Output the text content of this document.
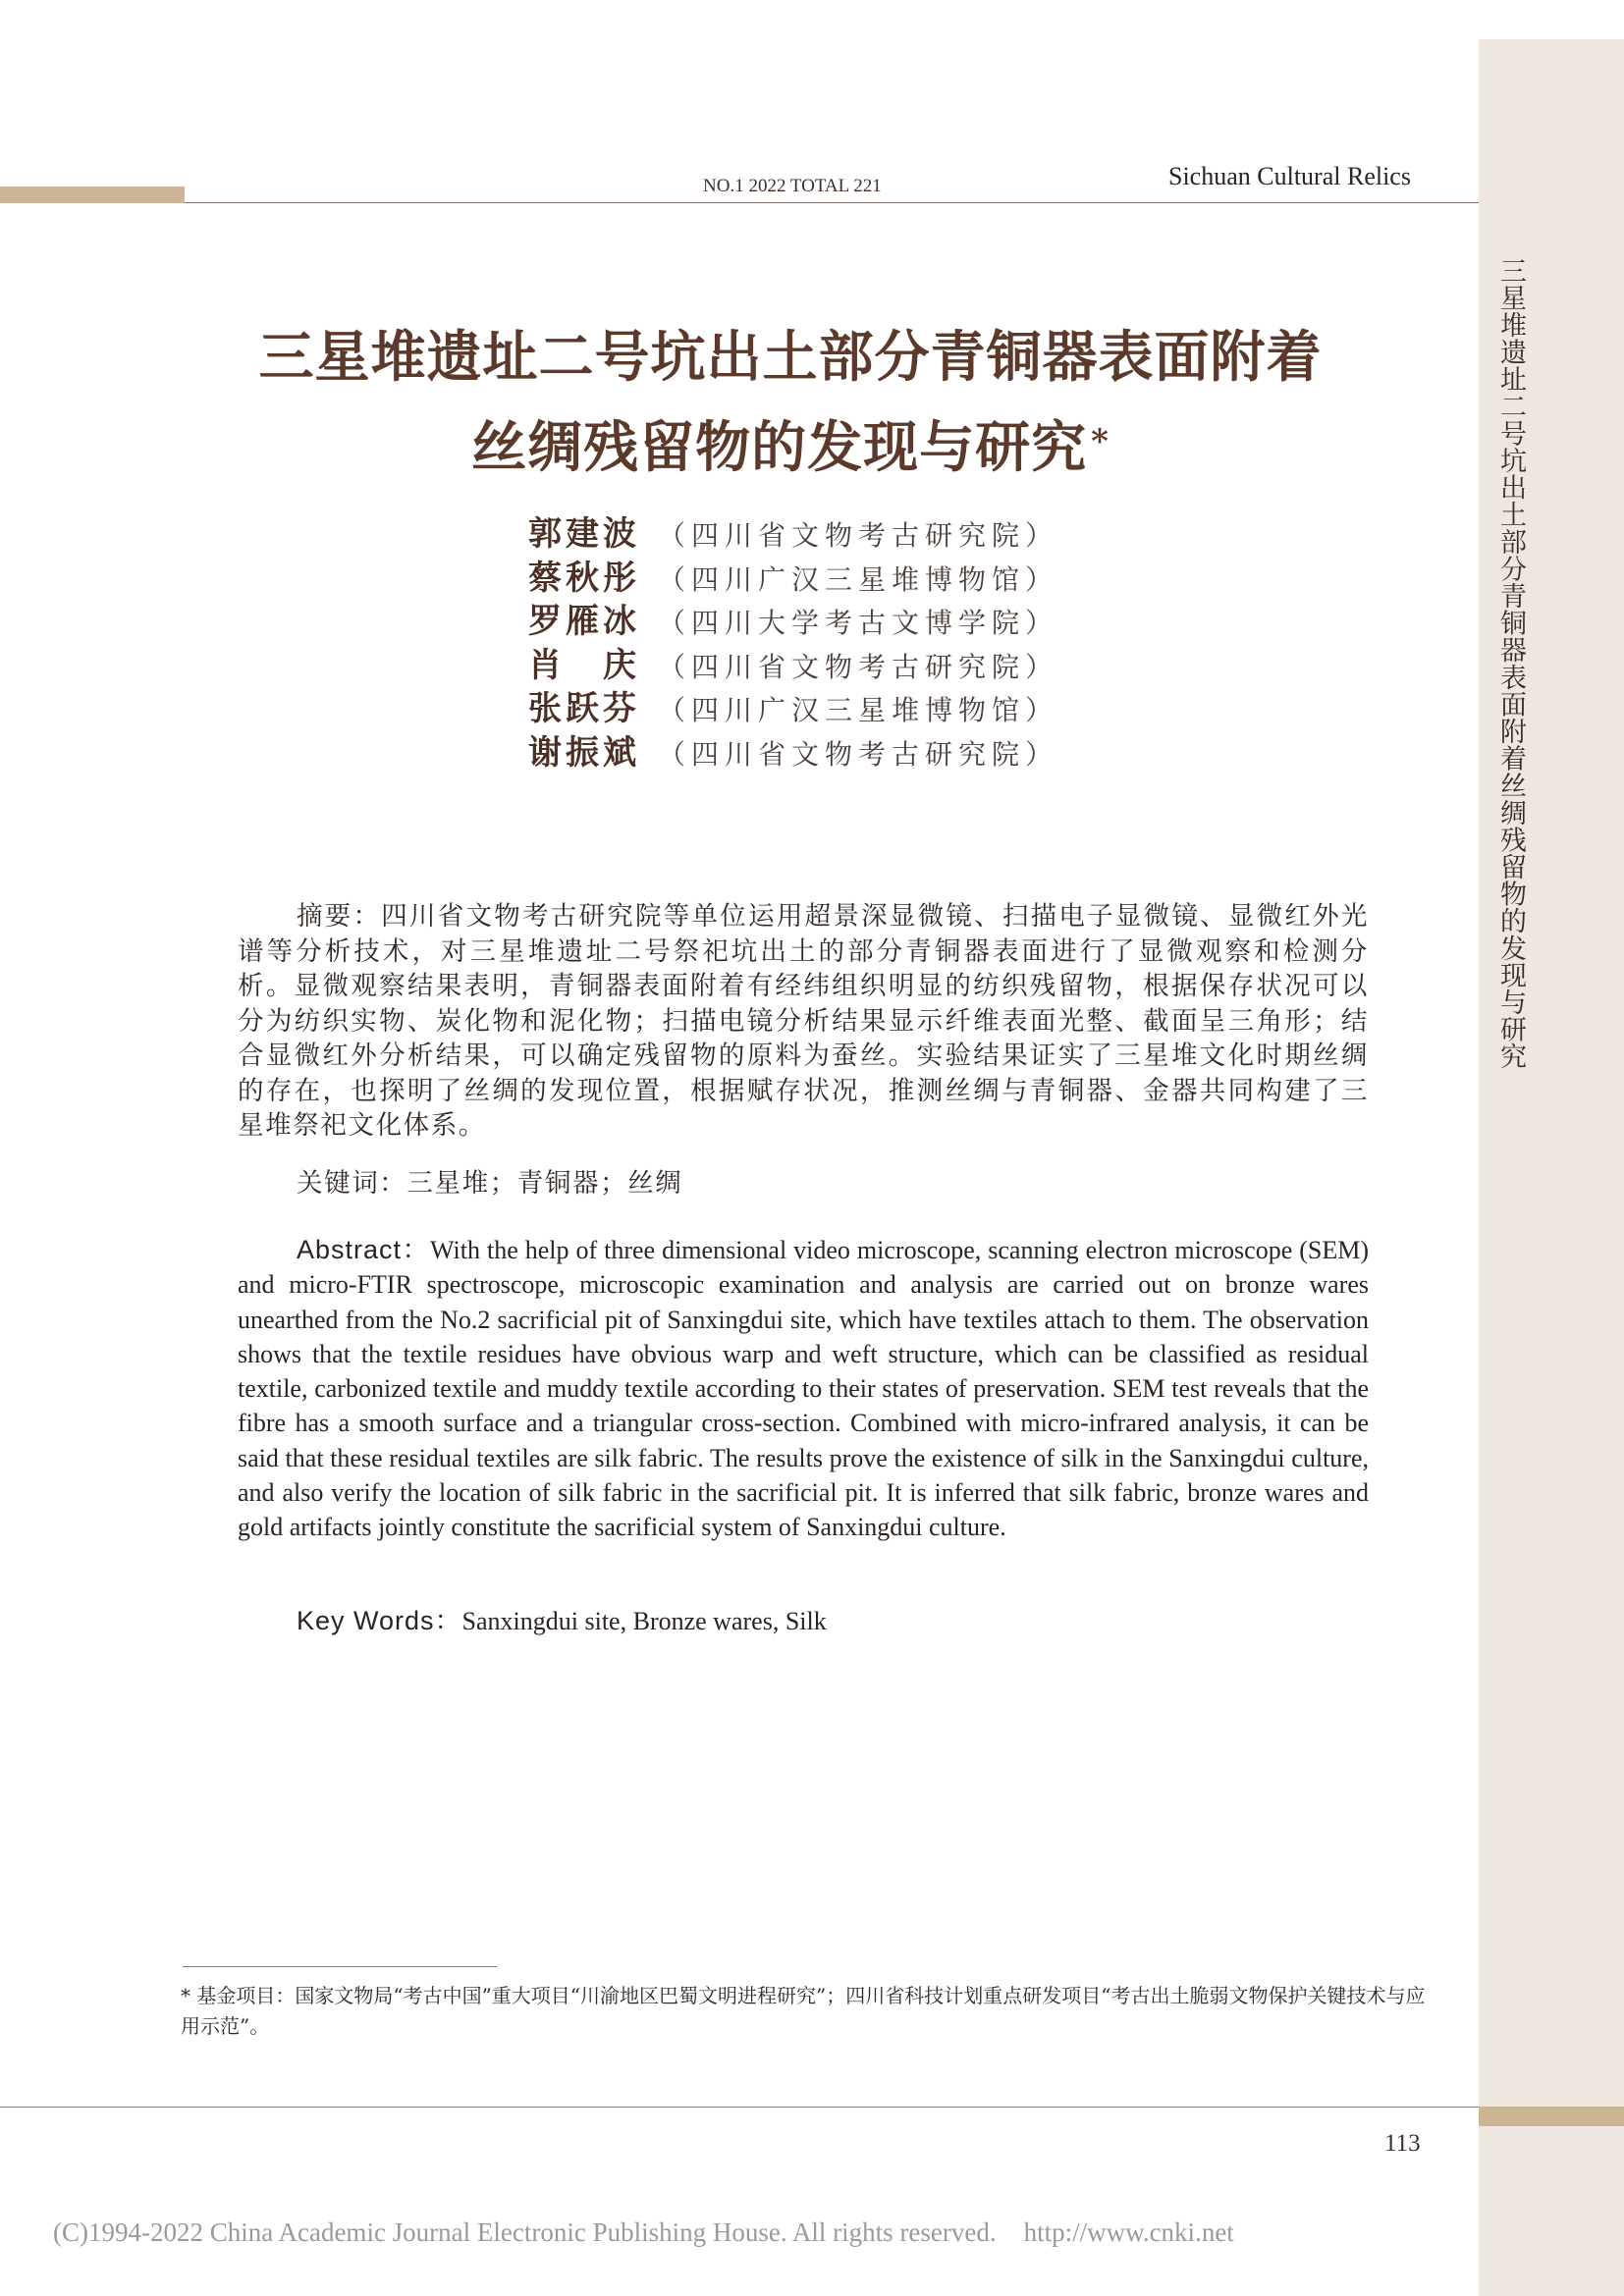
三星堆遗址二号坑出土部分青铜器表面附着丝绸残留物的发现与研究
NO.1 2022 TOTAL 221	Sichuan Cultural Relics
三星堆遗址二号坑出土部分青铜器表面附着
丝绸残留物的发现与研究 *
郭建波 （四川省文物考古研究院）
蔡秋彤 （四川广汉三星堆博物馆）
罗雁冰 （四川大学考古文博学院）
肖　庆 （四川省文物考古研究院）
张跃芬 （四川广汉三星堆博物馆）
谢振斌 （四川省文物考古研究院）

摘要：四川省文物考古研究院等单位运用超景深显微镜、扫描电子显微镜、显微红外光谱等分析技术，对三星堆遗址二号祭祀坑出土的部分青铜器表面进行了显微观察和检测分析。显微观察结果表明，青铜器表面附着有经纬组织明显的纺织残留物，根据保存状况可以分为纺织实物、炭化物和泥化物；扫描电镜分析结果显示纤维表面光整、截面呈三角形；结合显微红外分析结果，可以确定残留物的原料为蚕丝。实验结果证实了三星堆文化时期丝绸的存在，也探明了丝绸的发现位置，根据赋存状况，推测丝绸与青铜器、金器共同构建了三星堆祭祀文化体系。

关键词：三星堆；青铜器；丝绸

Abstract：With the help of three dimensional video microscope, scanning electron microscope (SEM) and micro-FTIR spectroscope, microscopic examination and analysis are carried out on bronze wares unearthed from the No.2 sacrificial pit of Sanxingdui site, which have textiles attach to them. The observation shows that the textile residues have obvious warp and weft structure, which can be classified as residual textile, carbonized textile and muddy textile according to their states of preservation. SEM test reveals that the fibre has a smooth surface and a triangular cross-section. Combined with micro-infrared analysis, it can be said that these residual textiles are silk fabric. The results prove the existence of silk in the Sanxingdui culture, and also verify the location of silk fabric in the sacrificial pit. It is inferred that silk fabric, bronze wares and gold artifacts jointly constitute the sacrificial system of Sanxingdui culture.

Key Words：Sanxingdui site, Bronze wares, Silk
* 基金项目：国家文物局“考古中国”重大项目“川渝地区巴蜀文明进程研究”；四川省科技计划重点研发项目“考古出土脆弱文物保护关键技术与应用示范”。
113
(C)1994-2022 China Academic Journal Electronic Publishing House. All rights reserved. http://www.cnki.net
